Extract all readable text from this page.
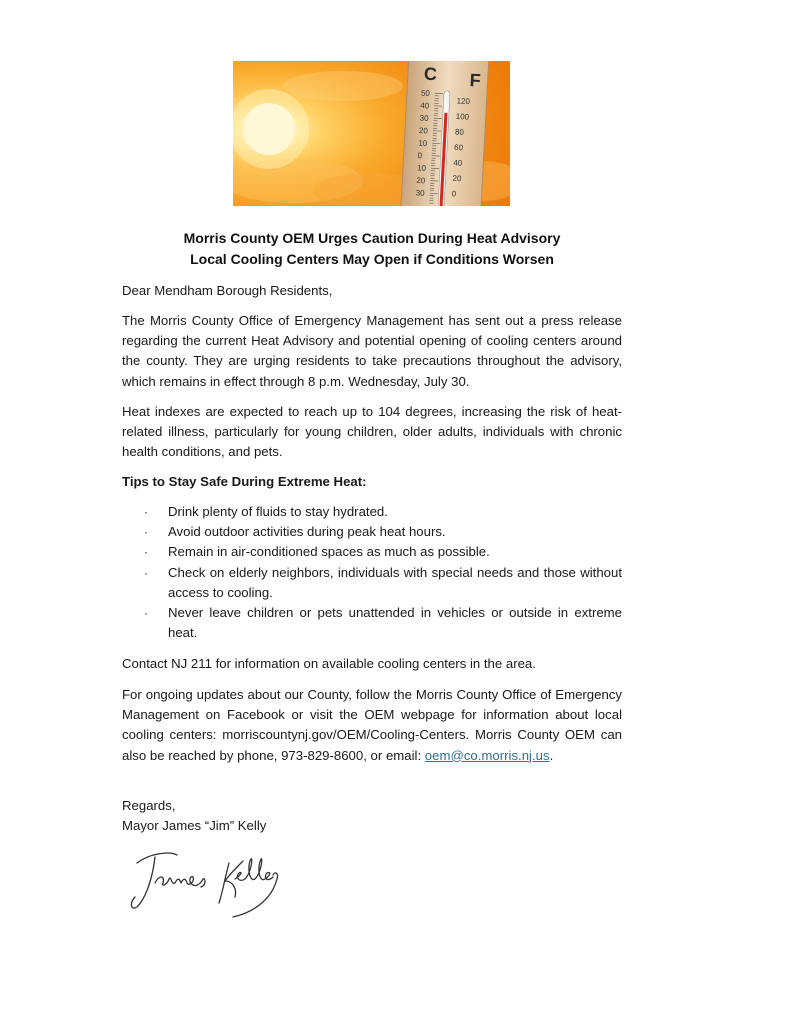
C F
50
40
30
20
10
0
10
20
30
120
100
80
60
40
20
0
Morris County OEM Urges Caution During Heat Advisory
Local Cooling Centers May Open if Conditions Worsen
Dear Mendham Borough Residents,
The Morris County Office of Emergency Management has sent out a press release regarding the current Heat Advisory and potential opening of cooling centers around the county. They are urging residents to take precautions throughout the advisory, which remains in effect through 8 p.m. Wednesday, July 30.
Heat indexes are expected to reach up to 104 degrees, increasing the risk of heat-related illness, particularly for young children, older adults, individuals with chronic health conditions, and pets.
Tips to Stay Safe During Extreme Heat:
· Drink plenty of fluids to stay hydrated.
· Avoid outdoor activities during peak heat hours.
· Remain in air-conditioned spaces as much as possible.
· Check on elderly neighbors, individuals with special needs and those without access to cooling.
· Never leave children or pets unattended in vehicles or outside in extreme heat.
Contact NJ 211 for information on available cooling centers in the area.
For ongoing updates about our County, follow the Morris County Office of Emergency Management on Facebook or visit the OEM webpage for information about local cooling centers: morriscountynj.gov/OEM/Cooling-Centers. Morris County OEM can also be reached by phone, 973-829-8600, or email: oem@co.morris.nj.us.
Regards,
Mayor James “Jim” Kelly
